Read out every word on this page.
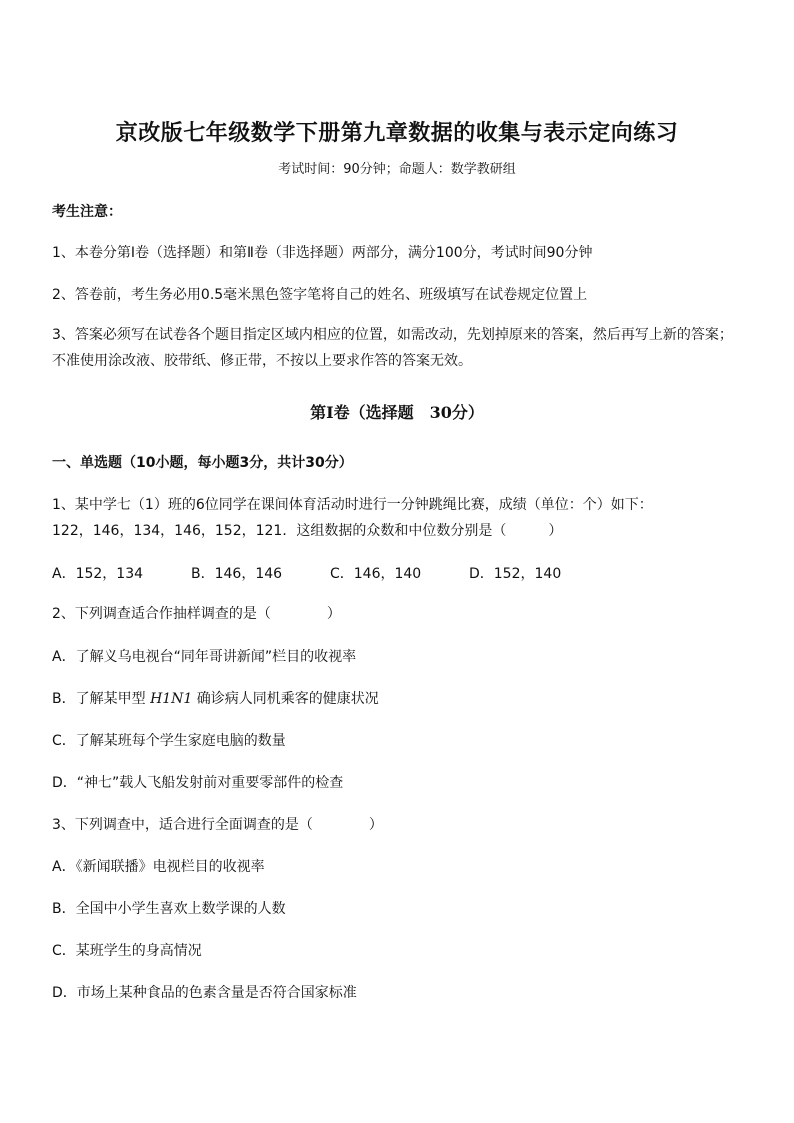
京改版七年级数学下册第九章数据的收集与表示定向练习
考试时间：90分钟；命题人：数学教研组
考生注意：
1、本卷分第Ⅰ卷（选择题）和第Ⅱ卷（非选择题）两部分，满分100分，考试时间90分钟
2、答卷前，考生务必用0.5毫米黑色签字笔将自己的姓名、班级填写在试卷规定位置上
3、答案必须写在试卷各个题目指定区域内相应的位置，如需改动，先划掉原来的答案，然后再写上新的答案；不准使用涂改液、胶带纸、修正带，不按以上要求作答的答案无效。
第Ⅰ卷（选择题　30分）
一、单选题（10小题，每小题3分，共计30分）
1、某中学七（1）班的6位同学在课间体育活动时进行一分钟跳绳比赛，成绩（单位：个）如下：
122，146，134，146，152，121．这组数据的众数和中位数分别是（　　　）
A．152，134	B．146，146	C．146，140	D．152，140
2、下列调查适合作抽样调查的是（　　　　）
A．了解义乌电视台“同年哥讲新闻”栏目的收视率
B．了解某甲型 H1N1 确诊病人同机乘客的健康状况
C．了解某班每个学生家庭电脑的数量
D．“神七”载人飞船发射前对重要零部件的检查
3、下列调查中，适合进行全面调查的是（　　　　）
A．《新闻联播》电视栏目的收视率
B．全国中小学生喜欢上数学课的人数
C．某班学生的身高情况
D．市场上某种食品的色素含量是否符合国家标准
